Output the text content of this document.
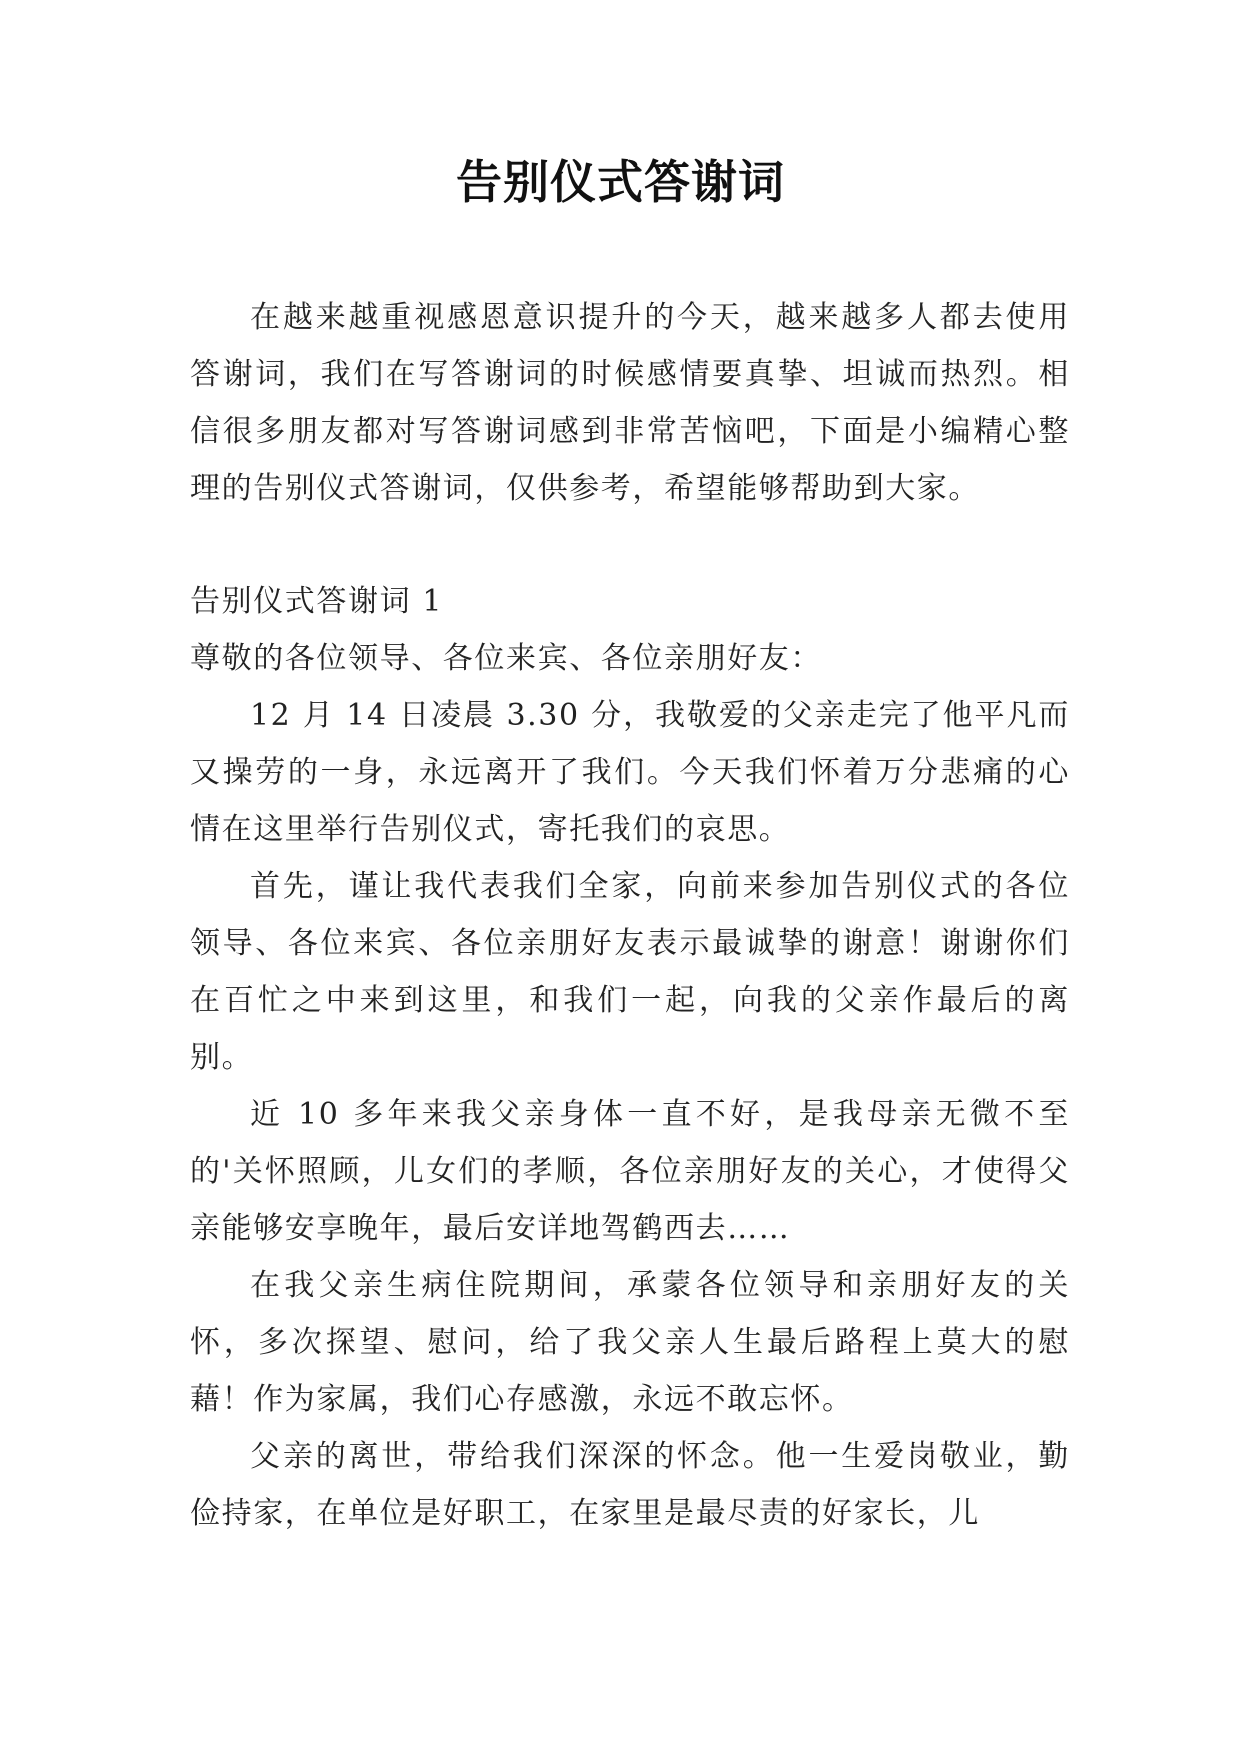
告别仪式答谢词

在越来越重视感恩意识提升的今天，越来越多人都去使用答谢词，我们在写答谢词的时候感情要真挚、坦诚而热烈。相信很多朋友都对写答谢词感到非常苦恼吧，下面是小编精心整理的告别仪式答谢词，仅供参考，希望能够帮助到大家。

告别仪式答谢词 1

尊敬的各位领导、各位来宾、各位亲朋好友：

12 月 14 日凌晨 3.30 分，我敬爱的父亲走完了他平凡而又操劳的一身，永远离开了我们。今天我们怀着万分悲痛的心情在这里举行告别仪式，寄托我们的哀思。

首先，谨让我代表我们全家，向前来参加告别仪式的各位领导、各位来宾、各位亲朋好友表示最诚挚的谢意！谢谢你们在百忙之中来到这里，和我们一起，向我的父亲作最后的离别。

近 10 多年来我父亲身体一直不好，是我母亲无微不至的'关怀照顾，儿女们的孝顺，各位亲朋好友的关心，才使得父亲能够安享晚年，最后安详地驾鹤西去……

在我父亲生病住院期间，承蒙各位领导和亲朋好友的关怀，多次探望、慰问，给了我父亲人生最后路程上莫大的慰藉！作为家属，我们心存感激，永远不敢忘怀。

父亲的离世，带给我们深深的怀念。他一生爱岗敬业，勤俭持家，在单位是好职工，在家里是最尽责的好家长，儿
